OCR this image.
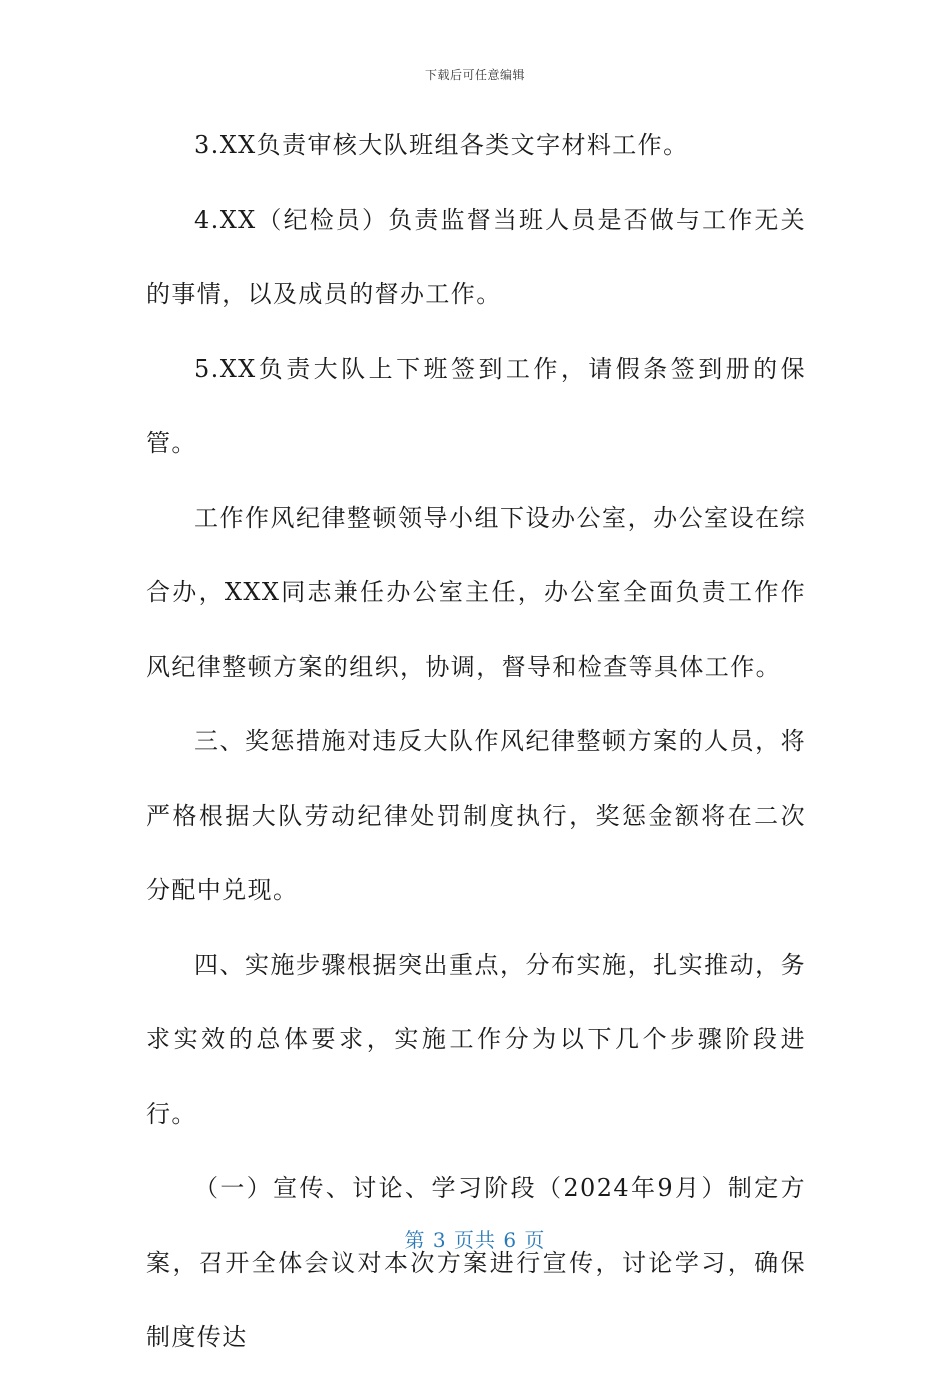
下载后可任意编辑

3.XX负责审核大队班组各类文字材料工作。

4.XX（纪检员）负责监督当班人员是否做与工作无关的事情，以及成员的督办工作。

5.XX负责大队上下班签到工作，请假条签到册的保管。

工作作风纪律整顿领导小组下设办公室，办公室设在综合办，XXX同志兼任办公室主任，办公室全面负责工作作风纪律整顿方案的组织，协调，督导和检查等具体工作。

三、奖惩措施对违反大队作风纪律整顿方案的人员，将严格根据大队劳动纪律处罚制度执行，奖惩金额将在二次分配中兑现。

四、实施步骤根据突出重点，分布实施，扎实推动，务求实效的总体要求，实施工作分为以下几个步骤阶段进行。

（一）宣传、讨论、学习阶段（2024年9月）制定方案，召开全体会议对本次方案进行宣传，讨论学习，确保制度传达

第 3 页共 6 页
